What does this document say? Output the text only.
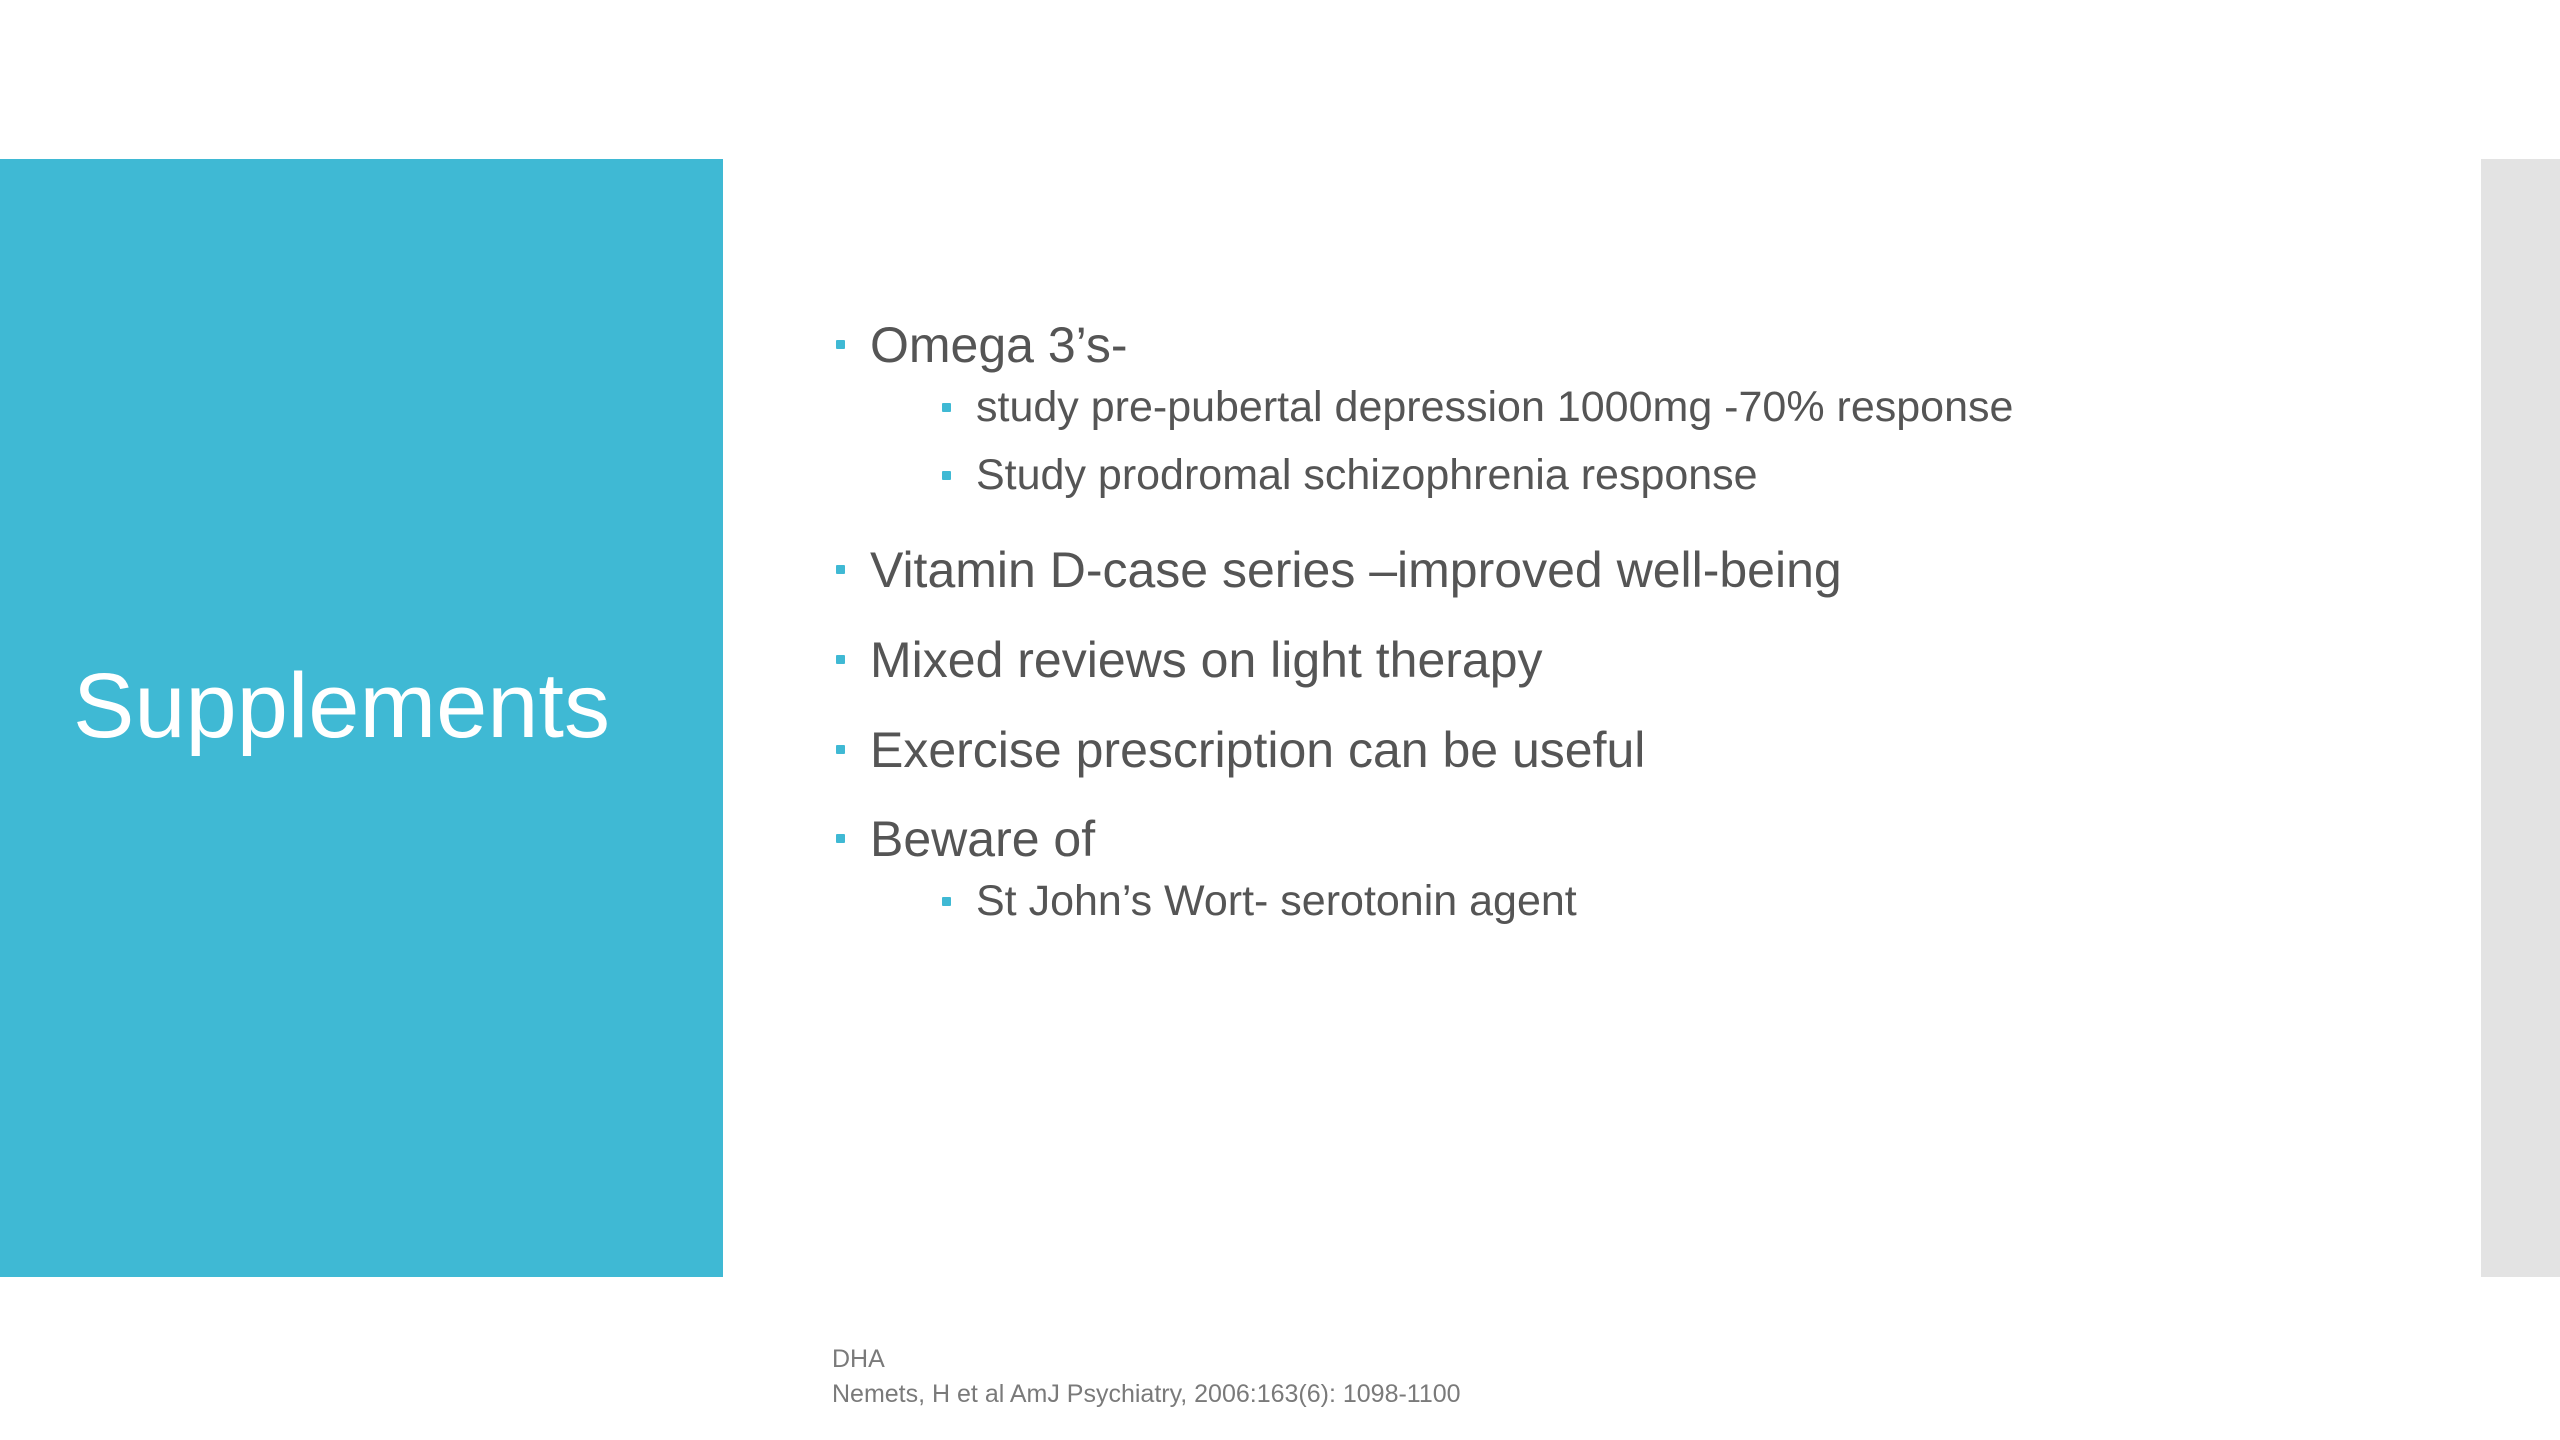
Supplements
Omega 3’s-
study pre-pubertal depression 1000mg -70% response
Study prodromal schizophrenia response
Vitamin D-case series –improved well-being
Mixed reviews on light therapy
Exercise prescription can be useful
Beware of
St John’s Wort- serotonin agent
DHA
Nemets, H et al AmJ Psychiatry, 2006:163(6): 1098-1100
